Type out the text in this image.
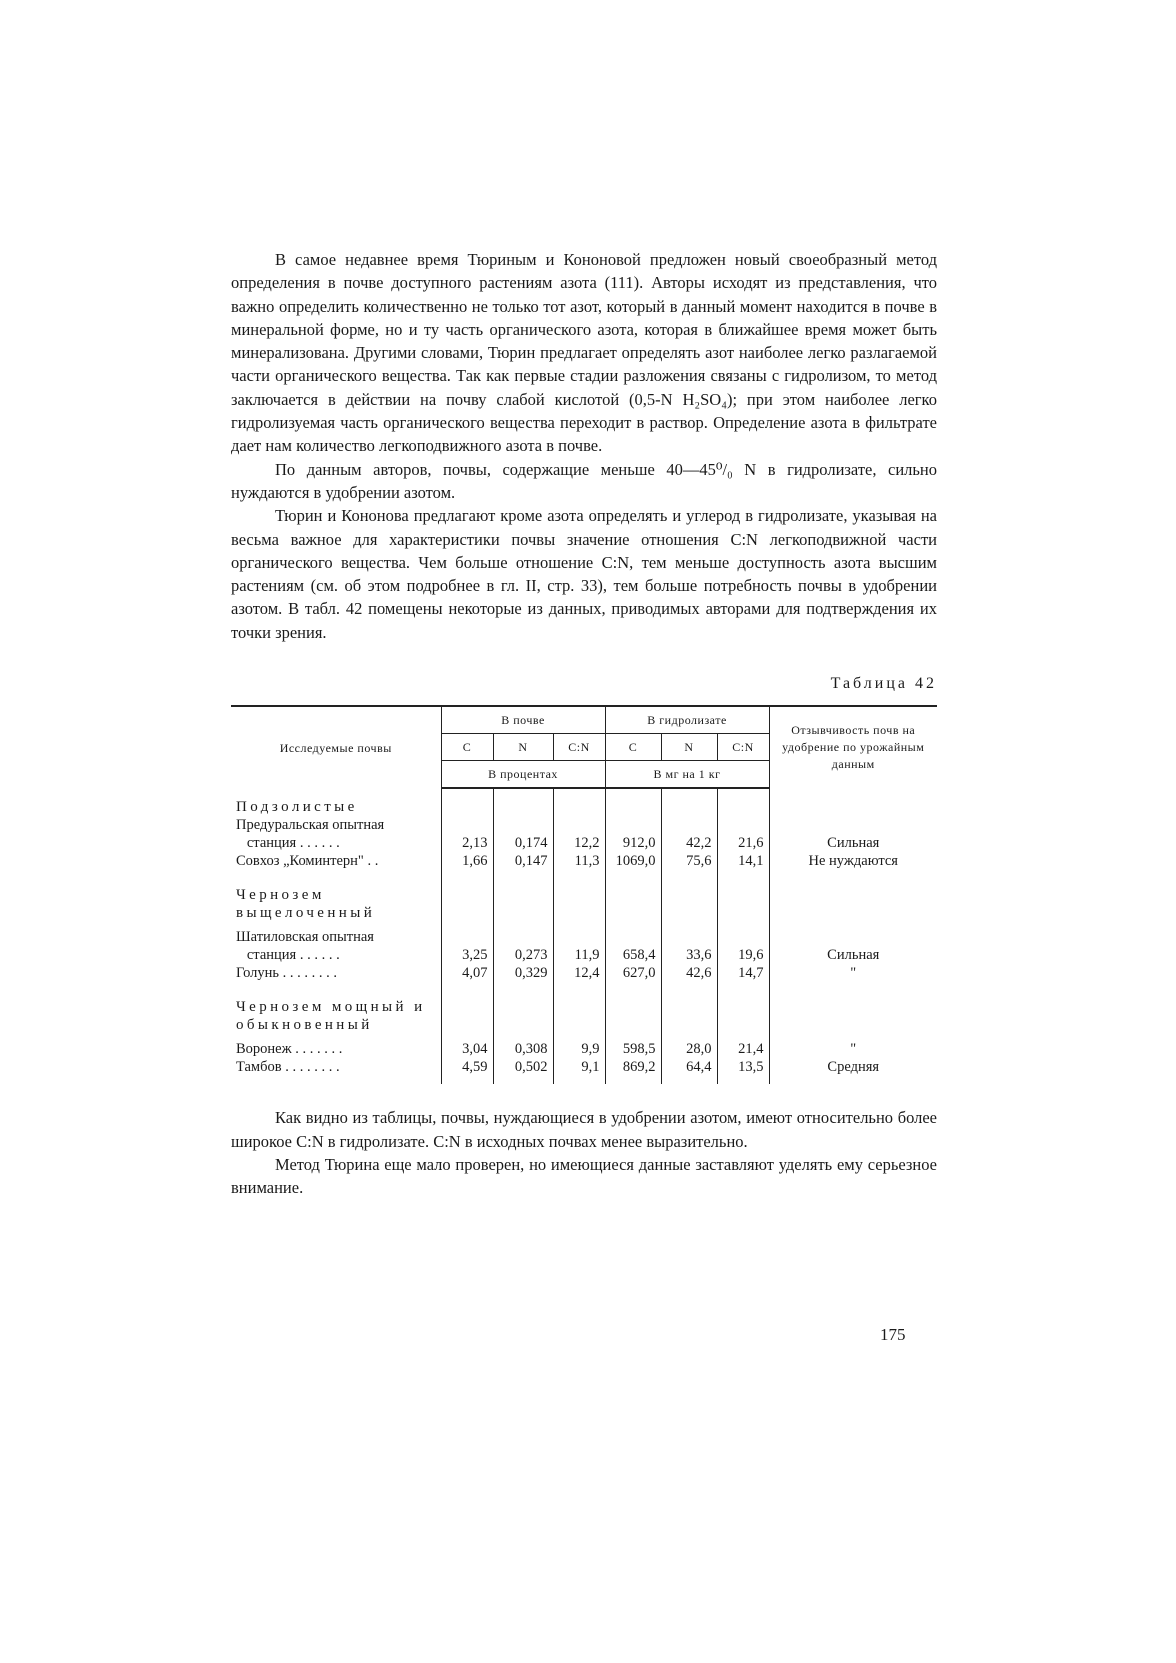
В самое недавнее время Тюриным и Кононовой предложен новый своеобразный метод определения в почве доступного растениям азота (111). Авторы исходят из представления, что важно определить количественно не только тот азот, который в данный момент находится в почве в минеральной форме, но и ту часть органического азота, которая в ближайшее время может быть минерализована. Другими словами, Тюрин предлагает определять азот наиболее легко разлагаемой части органического вещества. Так как первые стадии разложения связаны с гидролизом, то метод заключается в действии на почву слабой кислотой (0,5-N H₂SO₄); при этом наиболее легко гидролизуемая часть органического вещества переходит в раствор. Определение азота в фильтрате дает нам количество легкоподвижного азота в почве.

По данным авторов, почвы, содержащие меньше 40—45⁰/₀ N в гидролизате, сильно нуждаются в удобрении азотом.

Тюрин и Кононова предлагают кроме азота определять и углерод в гидролизате, указывая на весьма важное для характеристики почвы значение отношения C:N легкоподвижной части органического вещества. Чем больше отношение C:N, тем меньше доступность азота высшим растениям (см. об этом подробнее в гл. II, стр. 33), тем больше потребность почвы в удобрении азотом. В табл. 42 помещены некоторые из данных, приводимых авторами для подтверждения их точки зрения.

Таблица 42
Исследуемые почвы	В почве			В гидролизате			Отзывчивость почв на удобрение по урожайным данным
	C	N	C:N	C	N	C:N	
	В процентах			В мг на 1 кг			
Подзолистые							
Предуральская опытная							
станция . . . . . .	2,13	0,174	12,2	912,0	42,2	21,6	Сильная
Совхоз „Коминтерн" . .	1,66	0,147	11,3	1069,0	75,6	14,1	Не нуждаются

Чернозем выщелоченный							

Шатиловская опытная							
станция . . . . . .	3,25	0,273	11,9	658,4	33,6	19,6	Сильная
Голунь . . . . . . . .	4,07	0,329	12,4	627,0	42,6	14,7	"

Чернозем мощный и обыкновенный							

Воронеж . . . . . . .	3,04	0,308	9,9	598,5	28,0	21,4	"
Тамбов . . . . . . . .	4,59	0,502	9,1	869,2	64,4	13,5	Средняя

Как видно из таблицы, почвы, нуждающиеся в удобрении азотом, имеют относительно более широкое C:N в гидролизате. C:N в исходных почвах менее выразительно.

Метод Тюрина еще мало проверен, но имеющиеся данные заставляют уделять ему серьезное внимание.

175
